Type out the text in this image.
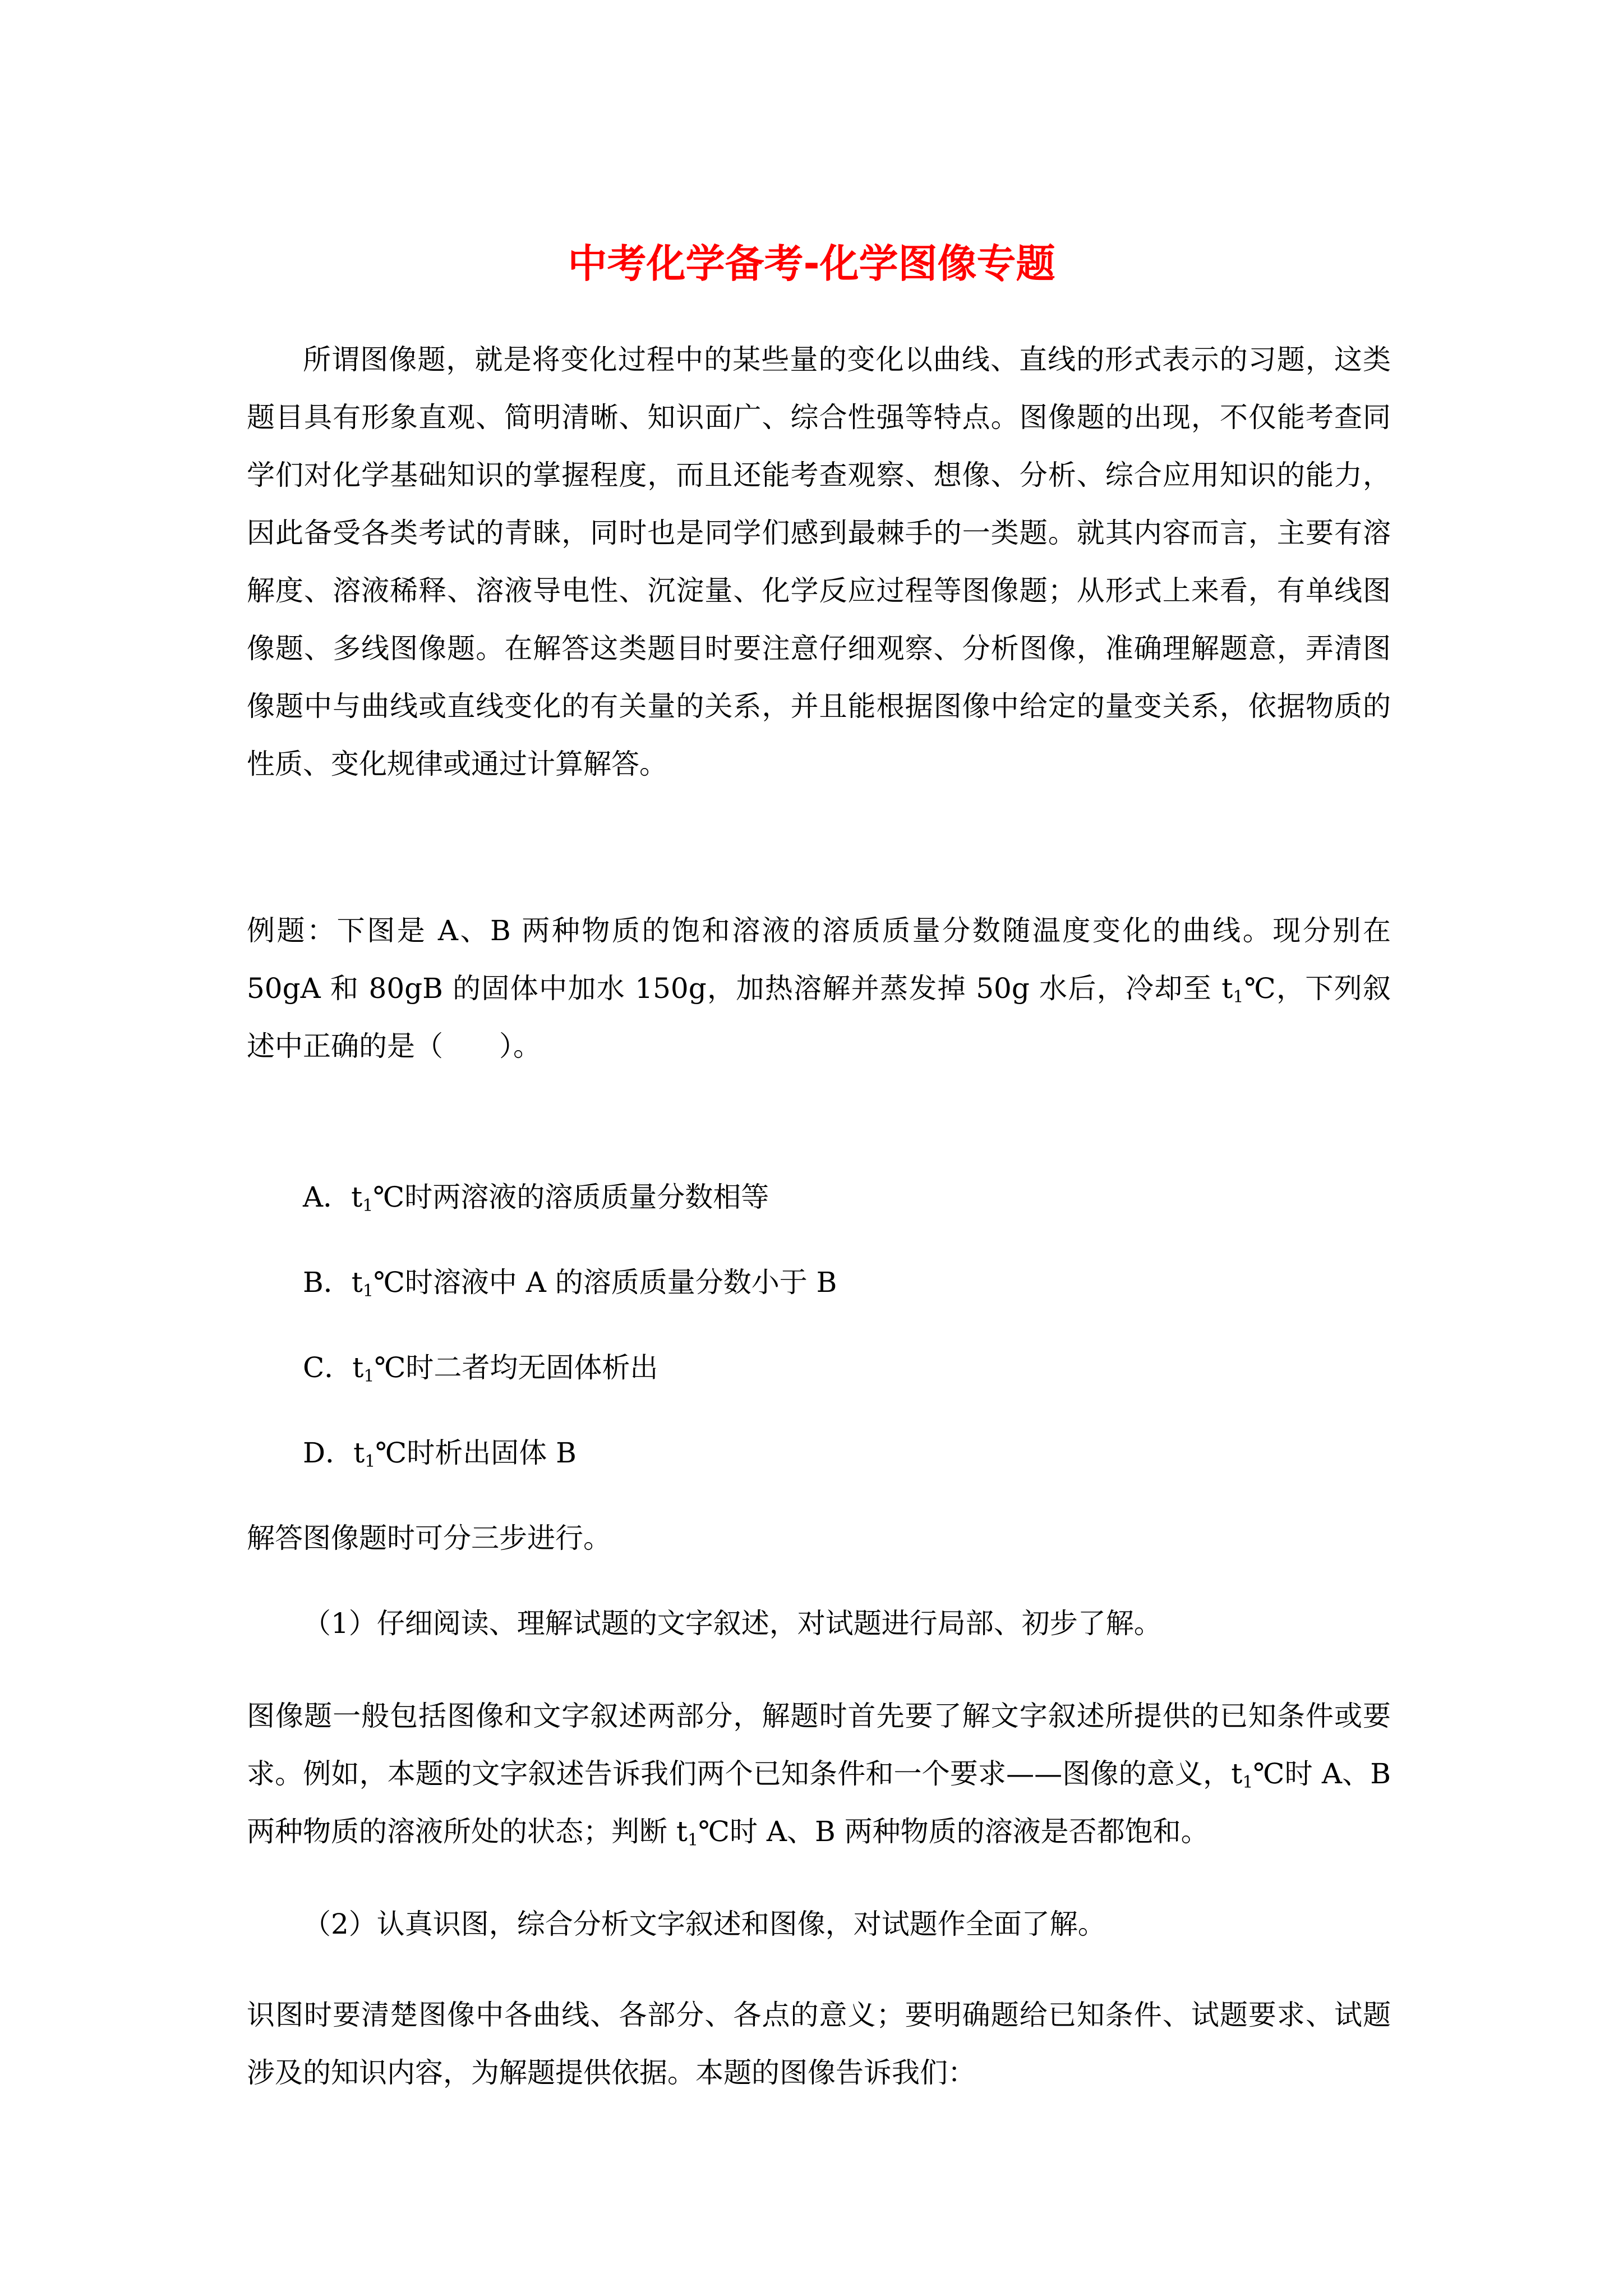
中考化学备考-化学图像专题

所谓图像题，就是将变化过程中的某些量的变化以曲线、直线的形式表示的习题，这类题目具有形象直观、简明清晰、知识面广、综合性强等特点。图像题的出现，不仅能考查同学们对化学基础知识的掌握程度，而且还能考查观察、想像、分析、综合应用知识的能力，因此备受各类考试的青睐，同时也是同学们感到最棘手的一类题。就其内容而言，主要有溶解度、溶液稀释、溶液导电性、沉淀量、化学反应过程等图像题；从形式上来看，有单线图像题、多线图像题。在解答这类题目时要注意仔细观察、分析图像，准确理解题意，弄清图像题中与曲线或直线变化的有关量的关系，并且能根据图像中给定的量变关系，依据物质的性质、变化规律或通过计算解答。

例题：下图是 A、B 两种物质的饱和溶液的溶质质量分数随温度变化的曲线。现分别在 50gA 和 80gB 的固体中加水 150g，加热溶解并蒸发掉 50g 水后，冷却至 $t_1℃$，下列叙述中正确的是（　　）。

A．$t_1℃$时两溶液的溶质质量分数相等
B．$t_1℃$时溶液中 A 的溶质质量分数小于 B
C．$t_1℃$时二者均无固体析出
D．$t_1℃$时析出固体 B
解答图像题时可分三步进行。
（1）仔细阅读、理解试题的文字叙述，对试题进行局部、初步了解。

图像题一般包括图像和文字叙述两部分，解题时首先要了解文字叙述所提供的已知条件或要求。例如，本题的文字叙述告诉我们两个已知条件和一个要求——图像的意义，$t_1℃$时 A、B 两种物质的溶液所处的状态；判断 $t_1℃$时 A、B 两种物质的溶液是否都饱和。

（2）认真识图，综合分析文字叙述和图像，对试题作全面了解。

识图时要清楚图像中各曲线、各部分、各点的意义；要明确题给已知条件、试题要求、试题涉及的知识内容，为解题提供依据。本题的图像告诉我们：
